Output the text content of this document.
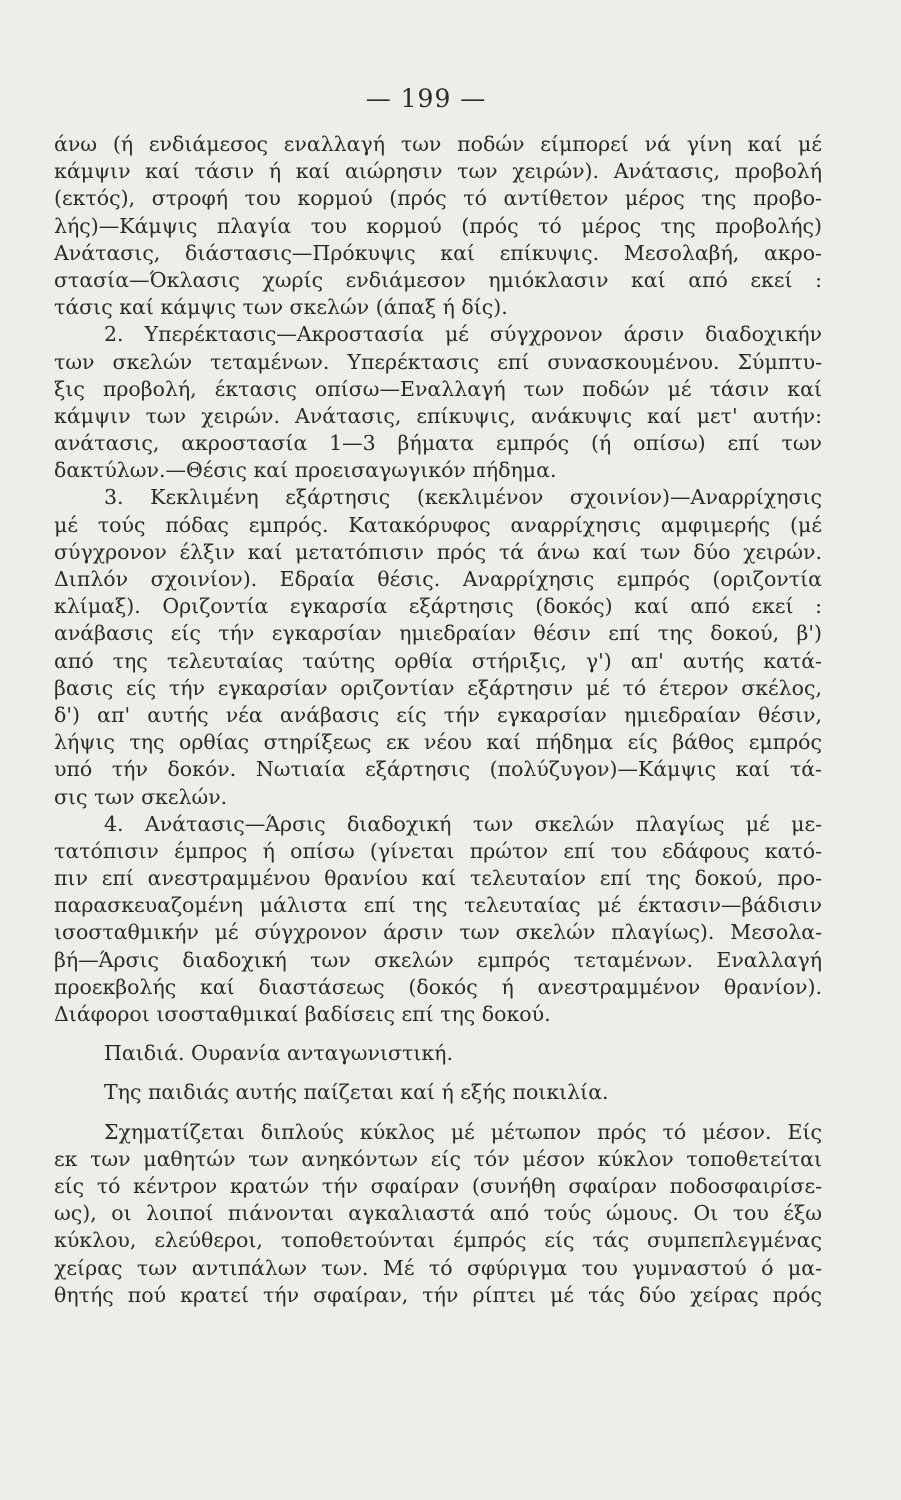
— 199 —
άνω (ή ενδιάμεσος εναλλαγή των ποδών είμπορεί νά γίνη καί μέ
κάμψιν καί τάσιν ή καί αιώρησιν των χειρών). Ανάτασις, προβολή
(εκτός), στροφή του κορμού (πρός τό αντίθετον μέρος της προβο-
λής)—Κάμψις πλαγία του κορμού (πρός τό μέρος της προβολής)
Ανάτασις, διάστασις—Πρόκυψις καί επίκυψις. Μεσολαβή, ακρο-
στασία—Όκλασις χωρίς ενδιάμεσον ημιόκλασιν καί από εκεί :
τάσις καί κάμψις των σκελών (άπαξ ή δίς).
2. Υπερέκτασις—Ακροστασία μέ σύγχρονον άρσιν διαδοχικήν
των σκελών τεταμένων. Υπερέκτασις επί συνασκουμένου. Σύμπτυ-
ξις προβολή, έκτασις οπίσω—Εναλλαγή των ποδών μέ τάσιν καί
κάμψιν των χειρών. Ανάτασις, επίκυψις, ανάκυψις καί μετ' αυτήν:
ανάτασις, ακροστασία 1—3 βήματα εμπρός (ή οπίσω) επί των
δακτύλων.—Θέσις καί προεισαγωγικόν πήδημα.
3. Κεκλιμένη εξάρτησις (κεκλιμένον σχοινίον)—Αναρρίχησις
μέ τούς πόδας εμπρός. Κατακόρυφος αναρρίχησις αμφιμερής (μέ
σύγχρονον έλξιν καί μετατόπισιν πρός τά άνω καί των δύο χειρών.
Διπλόν σχοινίον). Εδραία θέσις. Αναρρίχησις εμπρός (οριζοντία
κλίμαξ). Οριζοντία εγκαρσία εξάρτησις (δοκός) καί από εκεί :
ανάβασις είς τήν εγκαρσίαν ημιεδραίαν θέσιν επί της δοκού, β')
από της τελευταίας ταύτης ορθία στήριξις, γ') απ' αυτής κατά-
βασις είς τήν εγκαρσίαν οριζοντίαν εξάρτησιν μέ τό έτερον σκέλος,
δ') απ' αυτής νέα ανάβασις είς τήν εγκαρσίαν ημιεδραίαν θέσιν,
λήψις της ορθίας στηρίξεως εκ νέου καί πήδημα είς βάθος εμπρός
υπό τήν δοκόν. Νωτιαία εξάρτησις (πολύζυγον)—Κάμψις καί τά-
σις των σκελών.
4. Ανάτασις—Άρσις διαδοχική των σκελών πλαγίως μέ με-
τατόπισιν έμπρος ή οπίσω (γίνεται πρώτον επί του εδάφους κατό-
πιν επί ανεστραμμένου θρανίου καί τελευταίον επί της δοκού, προ-
παρασκευαζομένη μάλιστα επί της τελευταίας μέ έκτασιν—βάδισιν
ισοσταθμικήν μέ σύγχρονον άρσιν των σκελών πλαγίως). Μεσολα-
βή—Άρσις διαδοχική των σκελών εμπρός τεταμένων. Εναλλαγή
προεκβολής καί διαστάσεως (δοκός ή ανεστραμμένον θρανίον).
Διάφοροι ισοσταθμικαί βαδίσεις επί της δοκού.
Παιδιά. Ουρανία ανταγωνιστική.
Της παιδιάς αυτής παίζεται καί ή εξής ποικιλία.
Σχηματίζεται διπλούς κύκλος μέ μέτωπον πρός τό μέσον. Είς
εκ των μαθητών των ανηκόντων είς τόν μέσον κύκλον τοποθετείται
είς τό κέντρον κρατών τήν σφαίραν (συνήθη σφαίραν ποδοσφαιρίσε-
ως), οι λοιποί πιάνονται αγκαλιαστά από τούς ώμους. Οι του έξω
κύκλου, ελεύθεροι, τοποθετούνται έμπρός είς τάς συμπεπλεγμένας
χείρας των αντιπάλων των. Μέ τό σφύριγμα του γυμναστού ό μα-
θητής πού κρατεί τήν σφαίραν, τήν ρίπτει μέ τάς δύο χείρας πρός
